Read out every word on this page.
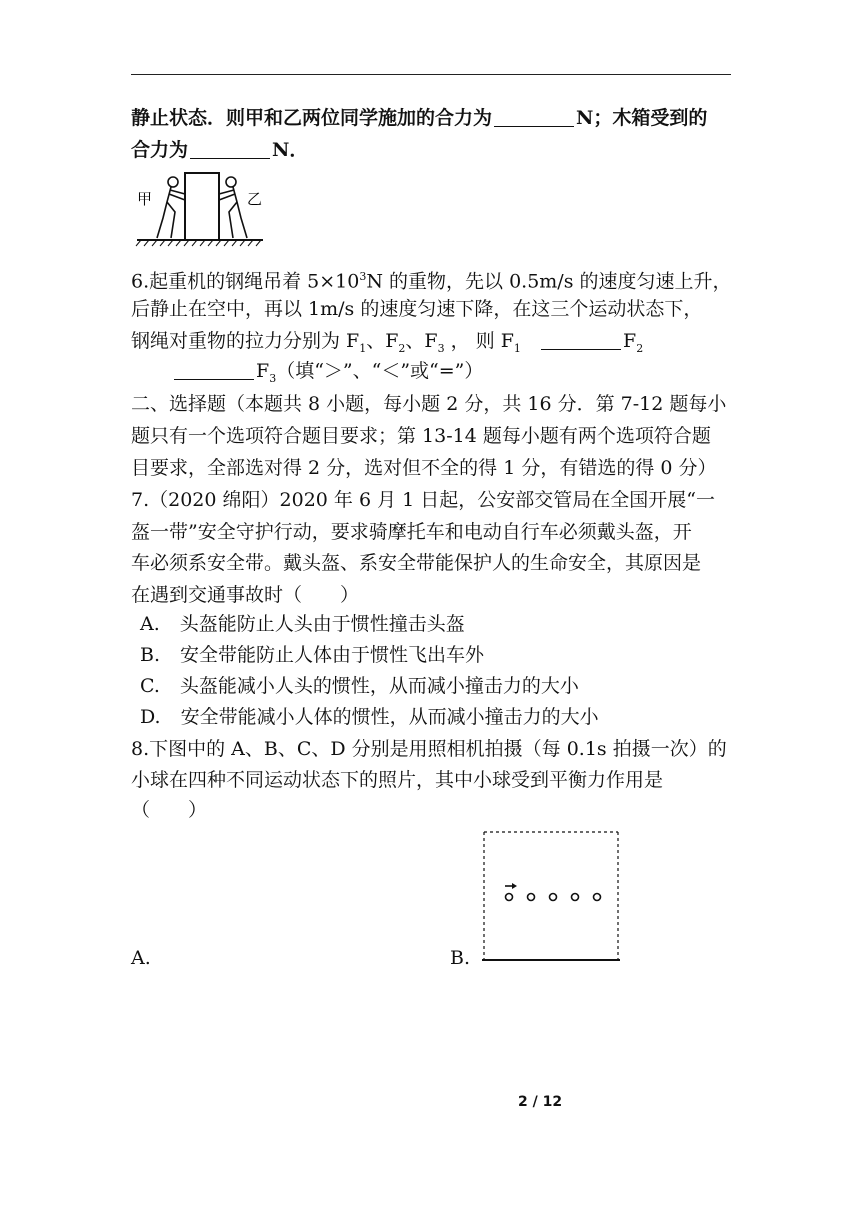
静止状态．则甲和乙两位同学施加的合力为	N；木箱受到的
合力为	N．
甲	乙
6.起重机的钢绳吊着 $5\times 10^3N$ 的重物，先以 0.5m/s 的速度匀速上升，
后静止在空中，再以 1m/s 的速度匀速下降，在这三个运动状态下，
钢绳对重物的拉力分别为 $F_1$、$F_2$、$F_3$ ， 则 $F_1$	$F_2$
$F_3$（填“＞”、“＜”或“=”）
二、选择题（本题共 8 小题，每小题 2 分，共 16 分．第 7-12 题每小
题只有一个选项符合题目要求；第 13-14 题每小题有两个选项符合题
目要求，全部选对得 2 分，选对但不全的得 1 分，有错选的得 0 分）
7.（2020 绵阳）2020 年 6 月 1 日起，公安部交管局在全国开展“一
盔一带”安全守护行动，要求骑摩托车和电动自行车必须戴头盔，开
车必须系安全带。戴头盔、系安全带能保护人的生命安全，其原因是
在遇到交通事故时（　　）
A. 头盔能防止人头由于惯性撞击头盔
B. 安全带能防止人体由于惯性飞出车外
C. 头盔能减小人头的惯性，从而减小撞击力的大小
D. 安全带能减小人体的惯性，从而减小撞击力的大小
8.下图中的 A、B、C、D 分别是用照相机拍摄（每 0.1s 拍摄一次）的
小球在四种不同运动状态下的照片，其中小球受到平衡力作用是
（　　）
A.	B.
2 / 12
